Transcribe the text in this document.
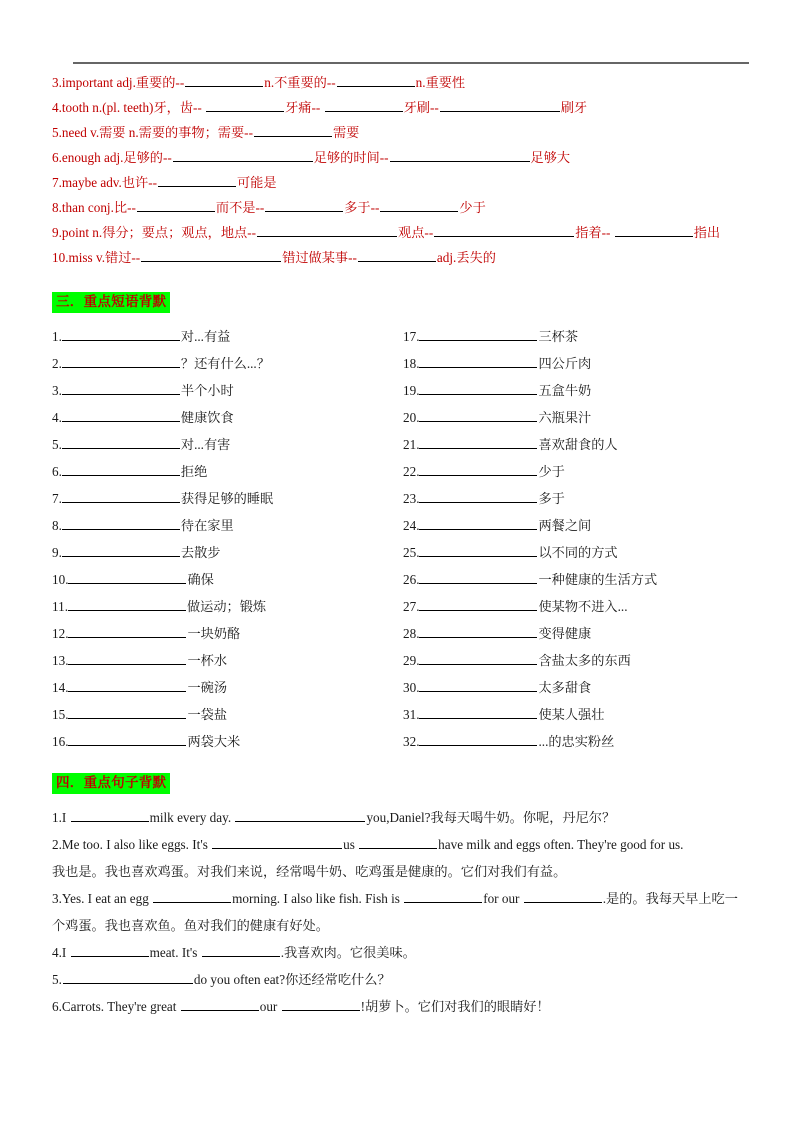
3.important adj.重要的--	n.不重要的--	n.重要性
4.tooth n.(pl. teeth)牙，齿--	牙痛--	牙刷--	刷牙
5.need v.需要 n.需要的事物；需要--	需要
6.enough adj.足够的--	足够的时间--	足够大
7.maybe adv.也许--	可能是
8.than conj.比--	而不是--	多于--	少于
9.point n.得分；要点；观点，地点--	观点--	指着--	指出
10.miss v.错过--	错过做某事--	adj.丢失的
三．重点短语背默
1.	对...有益	17.	三杯茶
2.	？还有什么...？	18.	四公斤肉
3.	半个小时	19.	五盒牛奶
4.	健康饮食	20.	六瓶果汁
5.	对...有害	21.	喜欢甜食的人
6.	拒绝	22.	少于
7.	获得足够的睡眠	23.	多于
8.	待在家里	24.	两餐之间
9.	去散步	25.	以不同的方式
10.	确保	26.	一种健康的生活方式
11.	做运动；锻炼	27.	使某物不进入...
12.	一块奶酪	28.	变得健康
13.	一杯水	29.	含盐太多的东西
14.	一碗汤	30.	太多甜食
15.	一袋盐	31.	使某人强壮
16.	两袋大米	32.	...的忠实粉丝
四．重点句子背默
1.I	milk every day.	you,Daniel?我每天喝牛奶。你呢，丹尼尔？
2.Me too. I also like eggs. It's	us	have milk and eggs often. They're good for us.
我也是。我也喜欢鸡蛋。对我们来说，经常喝牛奶、吃鸡蛋是健康的。它们对我们有益。
3.Yes. I eat an egg	morning. I also like fish. Fish is	for our	.是的。我每天早上吃一个鸡蛋。我也喜欢鱼。鱼对我们的健康有好处。
4.I	meat. It's	.我喜欢肉。它很美味。
5.	do you often eat?你还经常吃什么？
6.Carrots. They're great	our	!胡萝卜。它们对我们的眼睛好！
